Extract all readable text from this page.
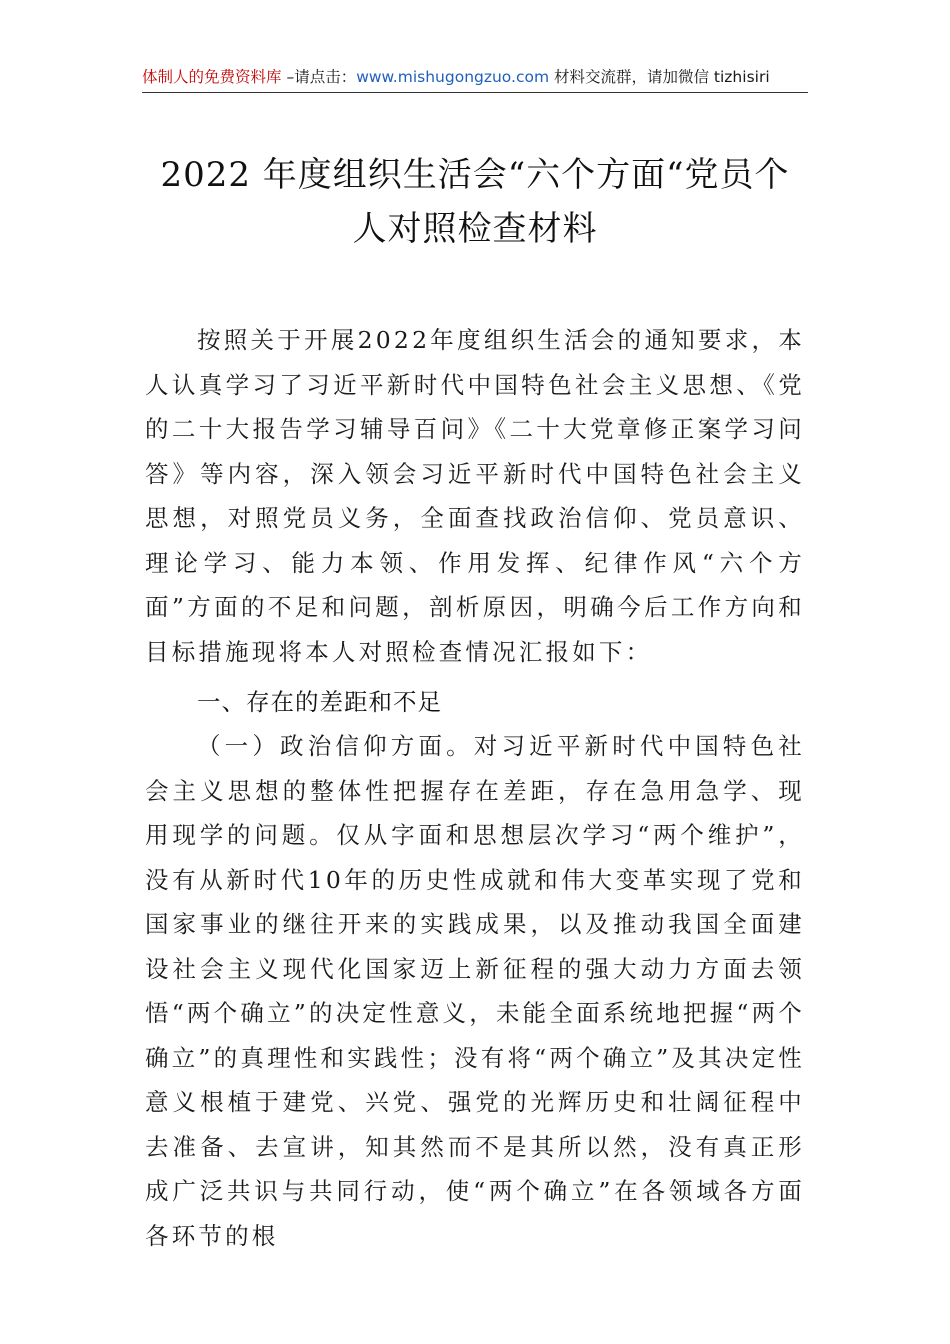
体制人的免费资料库 –请点击：www.mishugongzuo.com 材料交流群，请加微信 tizhisiri
2022 年度组织生活会“六个方面“党员个
人对照检查材料
按照关于开展2022年度组织生活会的通知要求，本人认真学习了习近平新时代中国特色社会主义思想、《党的二十大报告学习辅导百问》《二十大党章修正案学习问答》等内容，深入领会习近平新时代中国特色社会主义思想，对照党员义务，全面查找政治信仰、党员意识、理论学习、能力本领、作用发挥、纪律作风“六个方面”方面的不足和问题，剖析原因，明确今后工作方向和目标措施现将本人对照检查情况汇报如下：
一、存在的差距和不足
（一）政治信仰方面。对习近平新时代中国特色社会主义思想的整体性把握存在差距，存在急用急学、现用现学的问题。仅从字面和思想层次学习“两个维护”，没有从新时代10年的历史性成就和伟大变革实现了党和国家事业的继往开来的实践成果，以及推动我国全面建设社会主义现代化国家迈上新征程的强大动力方面去领悟“两个确立”的决定性意义，未能全面系统地把握“两个确立”的真理性和实践性；没有将“两个确立”及其决定性意义根植于建党、兴党、强党的光辉历史和壮阔征程中去准备、去宣讲，知其然而不是其所以然，没有真正形成广泛共识与共同行动，使“两个确立”在各领域各方面各环节的根
